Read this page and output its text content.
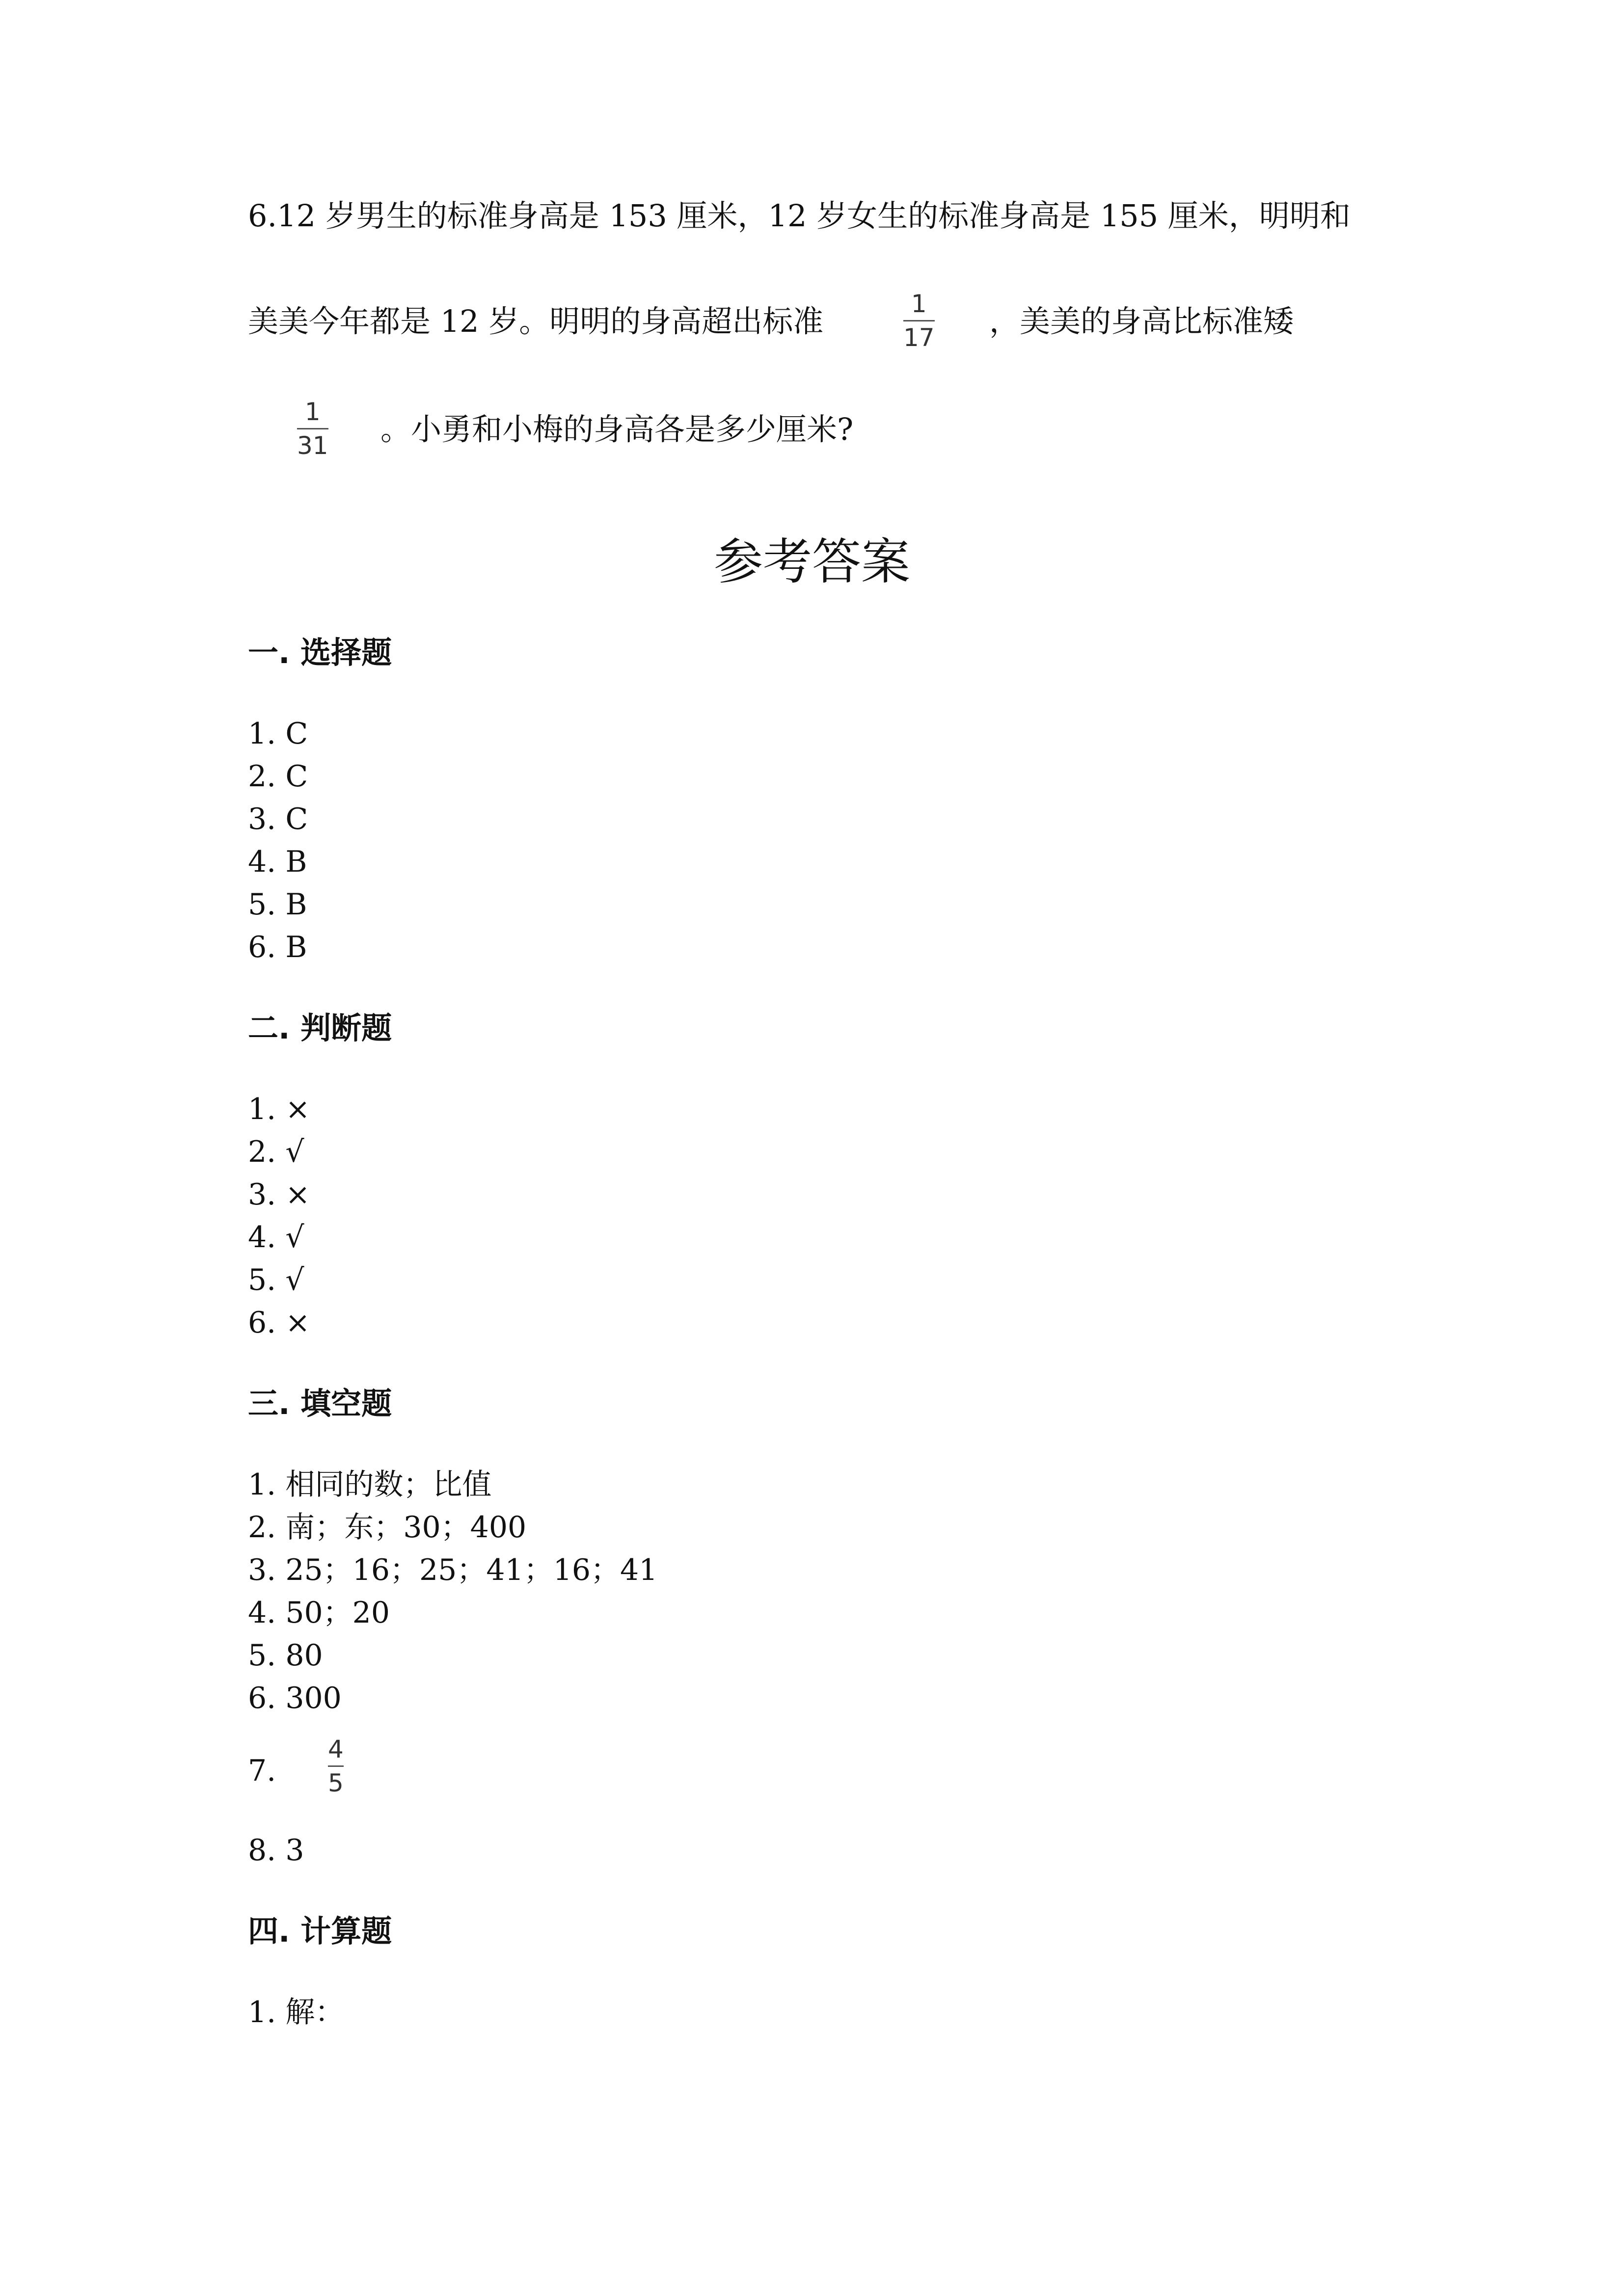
6.12 岁男生的标准身高是 153 厘米，12 岁女生的标准身高是 155 厘米，明明和
美美今年都是 12 岁。明明的身高超出标准	1
17 ，美美的身高比标准矮
1
31 。小勇和小梅的身高各是多少厘米?
参考答案
一. 选择题
1. C
2. C
3. C
4. B
5. B
6. B
二. 判断题
1. ×
2. √
3. ×
4. √
5. √
6. ×
三. 填空题
1. 相同的数；比值
2. 南；东；30；400
3. 25；16；25；41；16；41
4. 50；20
5. 80
6. 300
7.
4
5
8. 3
四. 计算题
1. 解：
